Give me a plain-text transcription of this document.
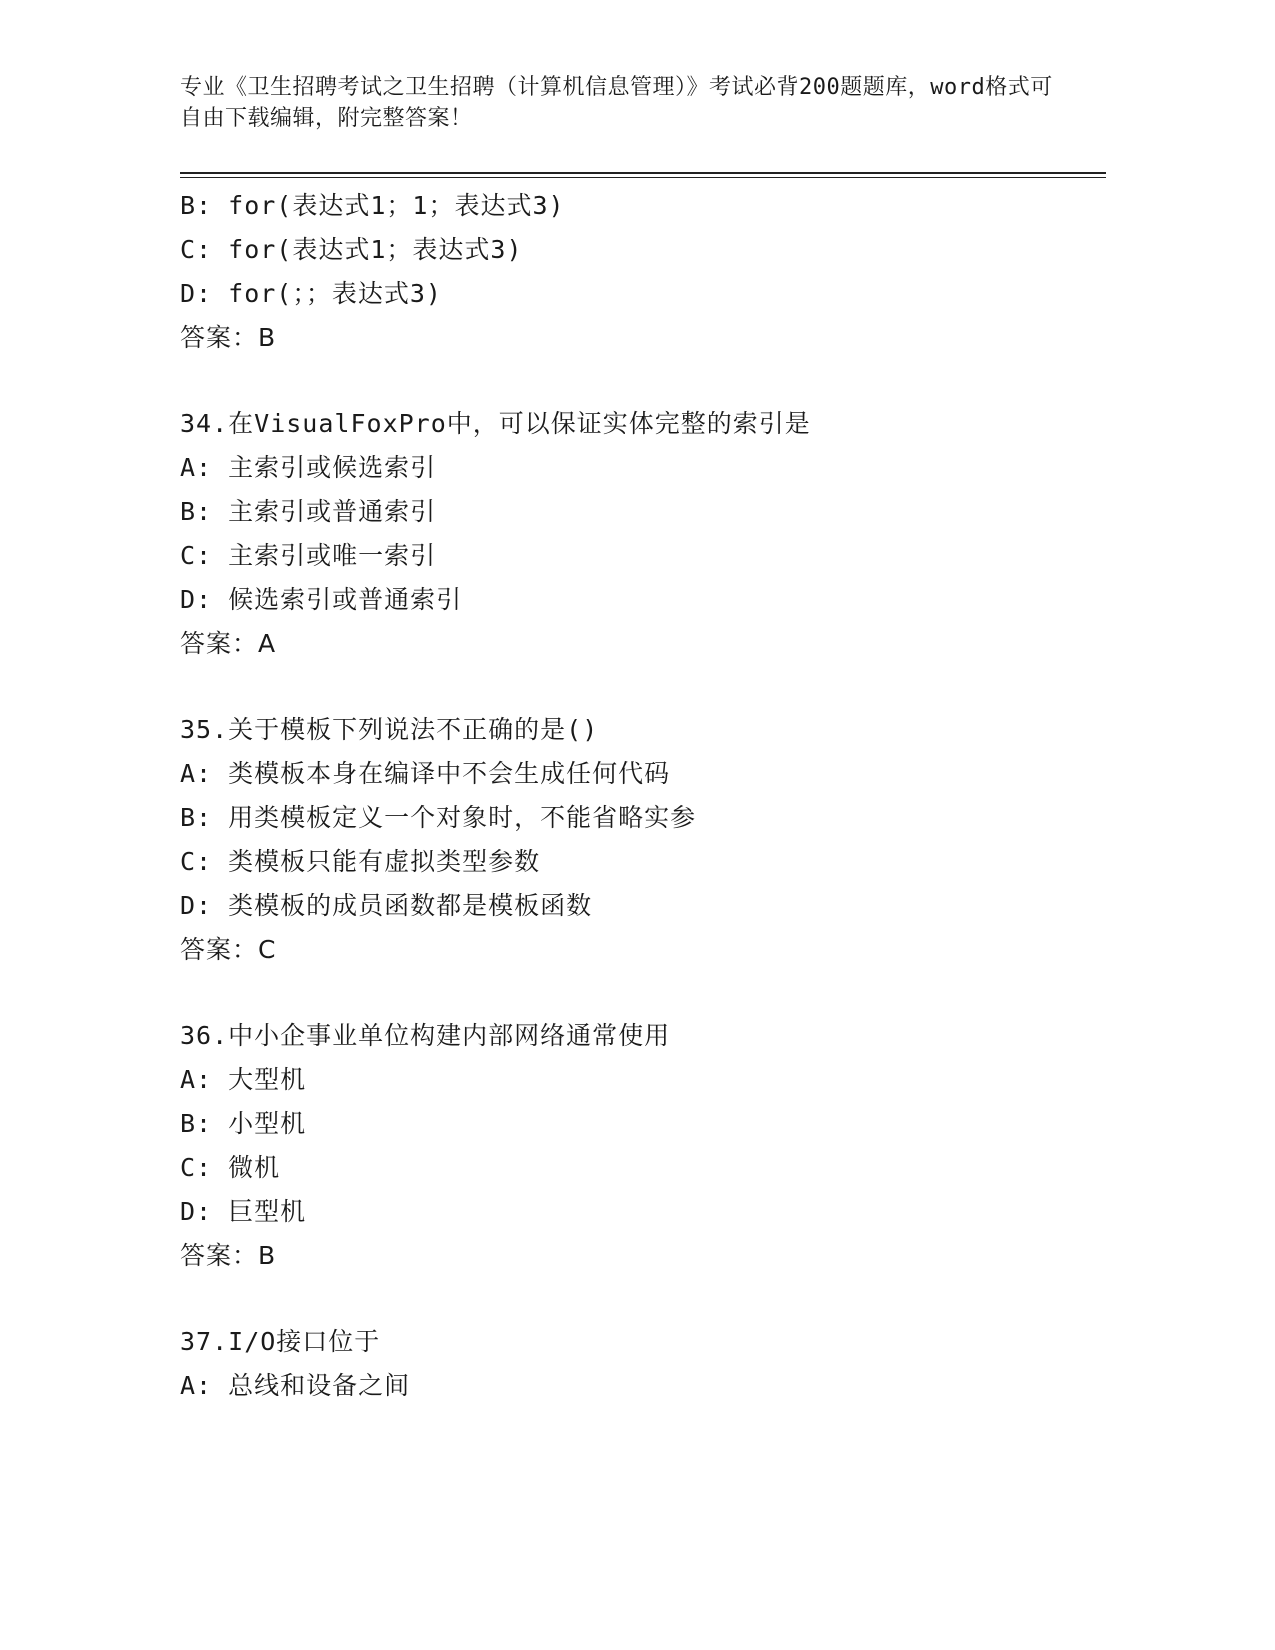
专业《卫生招聘考试之卫生招聘（计算机信息管理）》考试必背200题题库，word格式可自由下载编辑，附完整答案！
B: for(表达式1；1；表达式3)
C: for(表达式1；表达式3)
D: for(；；表达式3)
答案：B
34.在VisualFoxPro中，可以保证实体完整的索引是
A: 主索引或候选索引
B: 主索引或普通索引
C: 主索引或唯一索引
D: 候选索引或普通索引
答案：A
35.关于模板下列说法不正确的是()
A: 类模板本身在编译中不会生成任何代码
B: 用类模板定义一个对象时，不能省略实参
C: 类模板只能有虚拟类型参数
D: 类模板的成员函数都是模板函数
答案：C
36.中小企事业单位构建内部网络通常使用
A: 大型机
B: 小型机
C: 微机
D: 巨型机
答案：B
37.I/O接口位于
A: 总线和设备之间
